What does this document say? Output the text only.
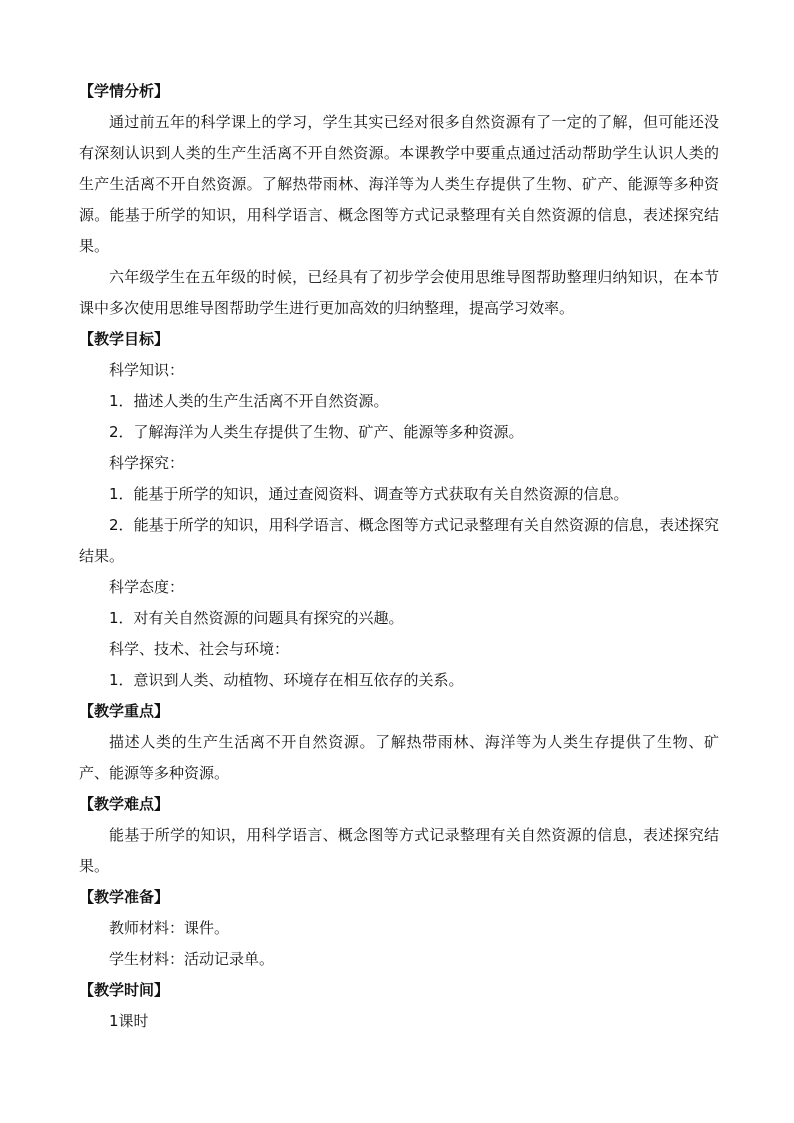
【学情分析】

通过前五年的科学课上的学习，学生其实已经对很多自然资源有了一定的了解，但可能还没有深刻认识到人类的生产生活离不开自然资源。本课教学中要重点通过活动帮助学生认识人类的生产生活离不开自然资源。了解热带雨林、海洋等为人类生存提供了生物、矿产、能源等多种资源。能基于所学的知识，用科学语言、概念图等方式记录整理有关自然资源的信息，表述探究结果。

六年级学生在五年级的时候，已经具有了初步学会使用思维导图帮助整理归纳知识，在本节课中多次使用思维导图帮助学生进行更加高效的归纳整理，提高学习效率。

【教学目标】

科学知识：

1．描述人类的生产生活离不开自然资源。

2．了解海洋为人类生存提供了生物、矿产、能源等多种资源。

科学探究：

1．能基于所学的知识，通过查阅资料、调查等方式获取有关自然资源的信息。

2．能基于所学的知识，用科学语言、概念图等方式记录整理有关自然资源的信息，表述探究结果。

科学态度：

1．对有关自然资源的问题具有探究的兴趣。

科学、技术、社会与环境：

1．意识到人类、动植物、环境存在相互依存的关系。

【教学重点】

描述人类的生产生活离不开自然资源。了解热带雨林、海洋等为人类生存提供了生物、矿产、能源等多种资源。

【教学难点】

能基于所学的知识，用科学语言、概念图等方式记录整理有关自然资源的信息，表述探究结果。

【教学准备】

教师材料：课件。

学生材料：活动记录单。

【教学时间】

1课时
